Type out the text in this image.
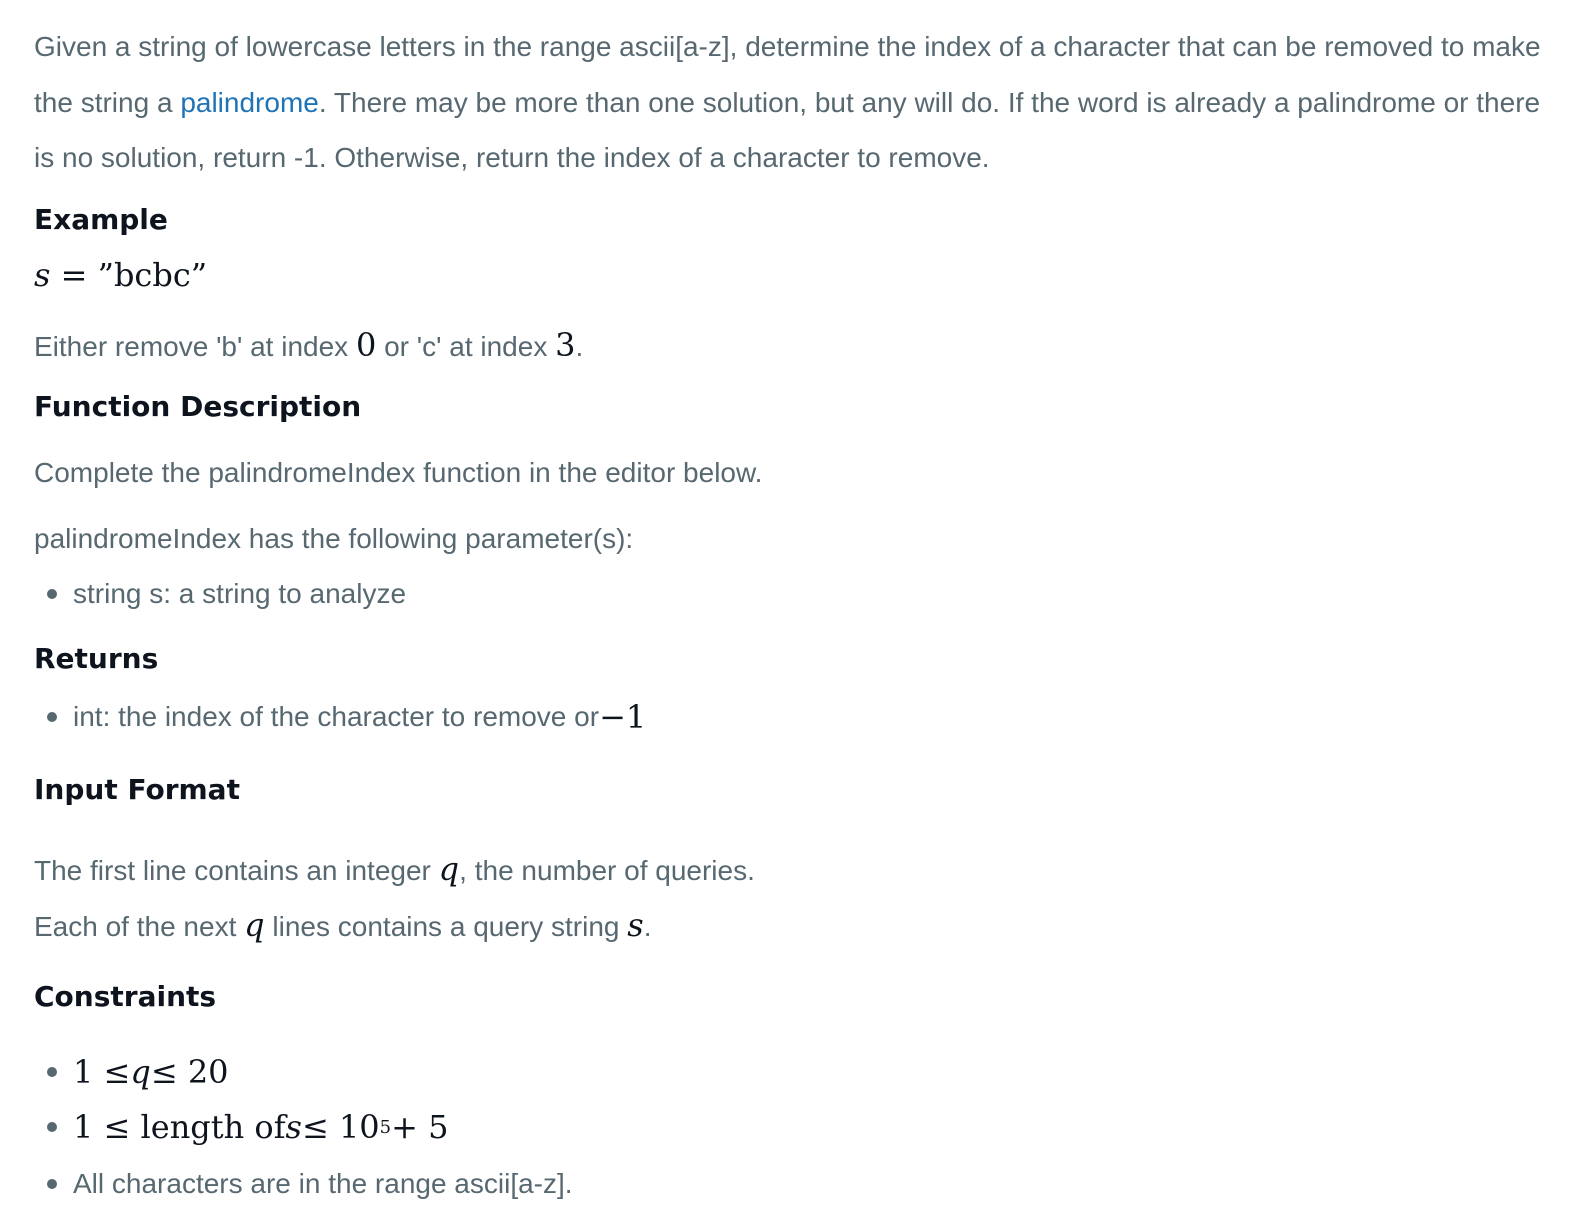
Given a string of lowercase letters in the range ascii[a-z], determine the index of a character that can be removed to make the string a palindrome. There may be more than one solution, but any will do. If the word is already a palindrome or there is no solution, return -1. Otherwise, return the index of a character to remove.

Example
s = ”bcbc”
Either remove 'b' at index 0 or 'c' at index 3.
Function Description
Complete the palindromeIndex function in the editor below.
palindromeIndex has the following parameter(s):
string s: a string to analyze
Returns
int: the index of the character to remove or −1
Input Format
The first line contains an integer q, the number of queries.
Each of the next q lines contains a query string s.
Constraints
1 ≤ q ≤ 20
1 ≤ length of s ≤ 10 5 + 5
All characters are in the range ascii[a-z].
